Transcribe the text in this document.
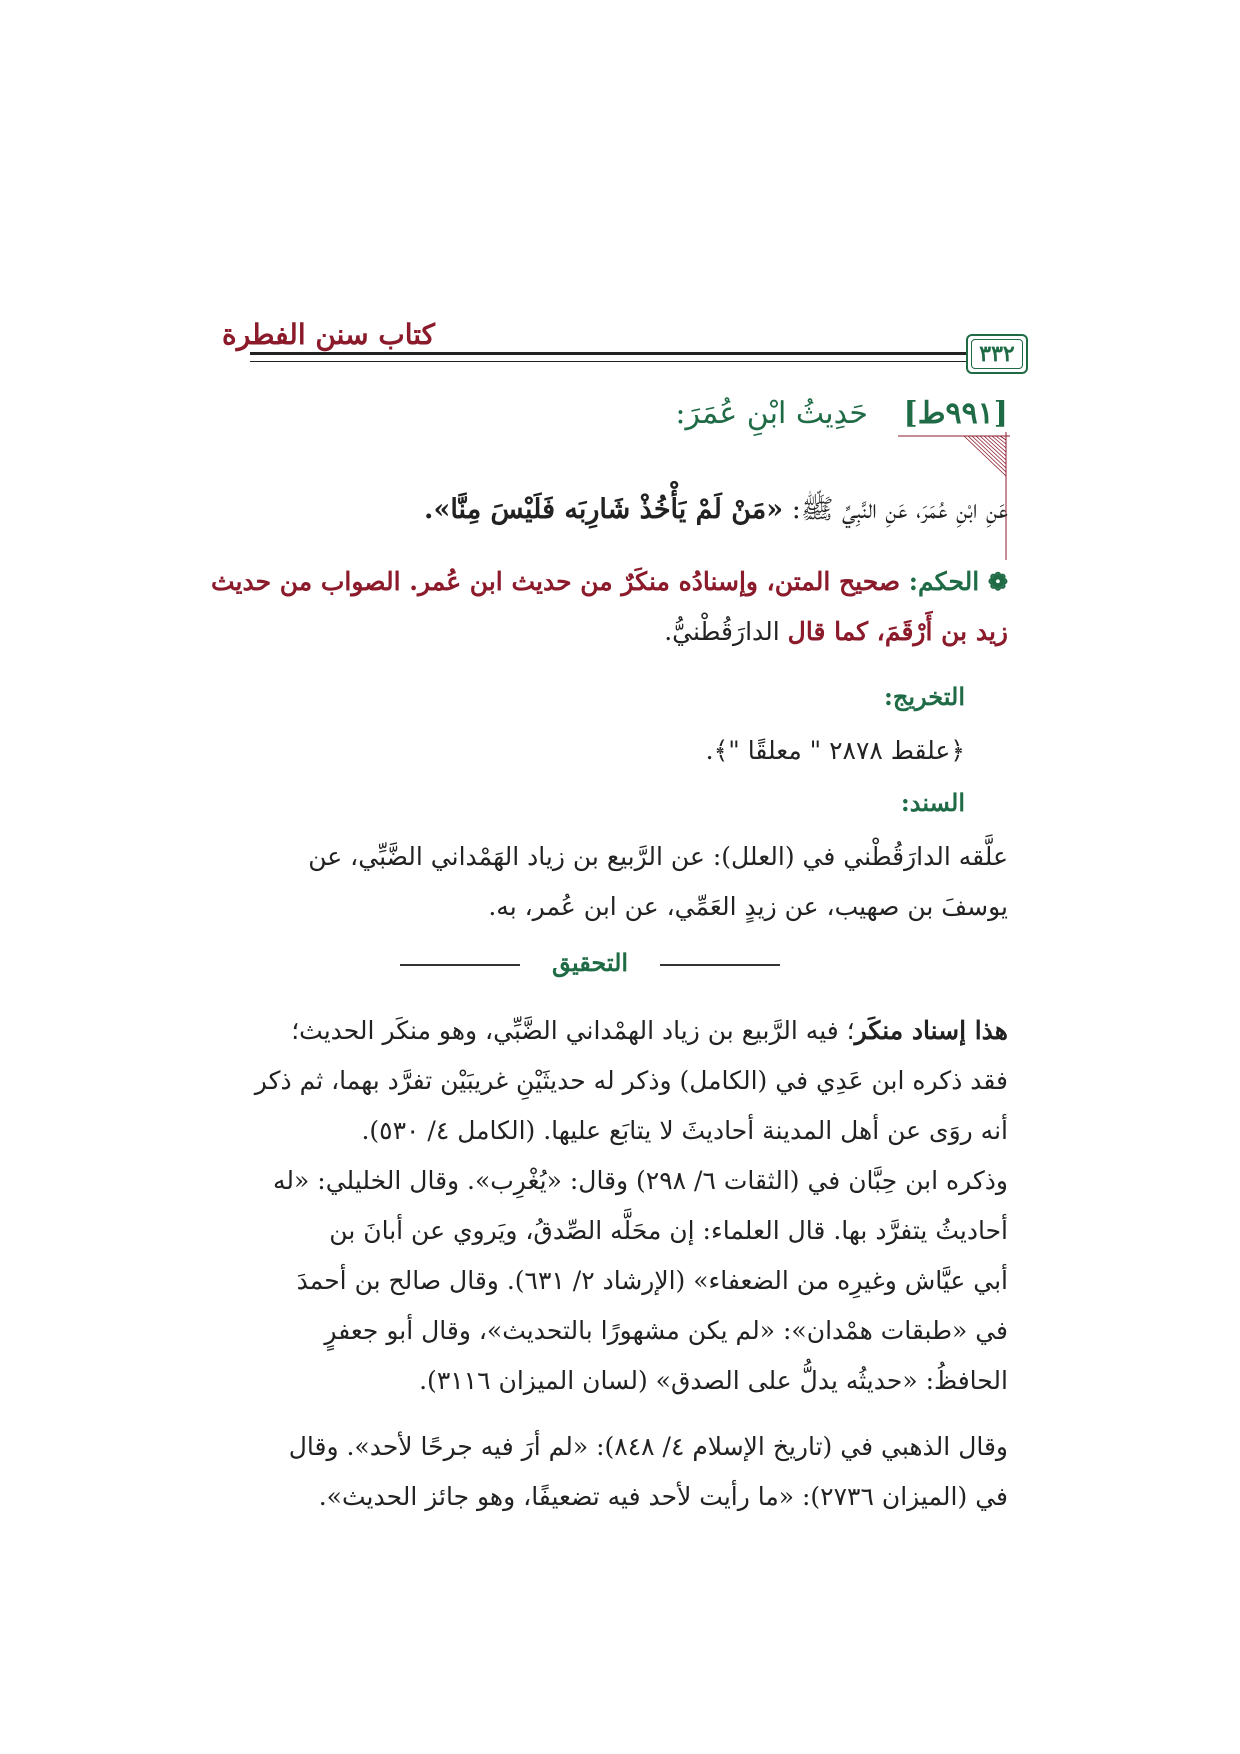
كتاب سنن الفطرة
٣٣٢
[٩٩١ط] حَدِيثُ ابْنِ عُمَرَ:
عَنِ ابْنِ عُمَرَ، عَنِ النَّبِيِّ ﷺ: «مَنْ لَمْ يَأْخُذْ شَارِبَه فَلَيْسَ مِنَّا».
❁ الحكم: صحيح المتن، وإسنادُه منكَرٌ من حديث ابن عُمر. الصواب من حديث
زيد بن أَرْقَمَ، كما قال الدارَقُطْنيُّ.
التخريج:
﴿علقط ٢٨٧٨ " معلقًا "﴾.
السند:
علَّقه الدارَقُطْني في (العلل): عن الرَّبيع بن زياد الهَمْداني الضَّبِّي، عن
يوسفَ بن صهيب، عن زيدٍ العَمِّي، عن ابن عُمر، به.
التحقيق
هذا إسناد منكَر؛ فيه الرَّبيع بن زياد الهمْداني الضَّبِّي، وهو منكَر الحديث؛
فقد ذكره ابن عَدِي في (الكامل) وذكر له حديثَيْنِ غريبَيْن تفرَّد بهما، ثم ذكر
أنه روَى عن أهل المدينة أحاديثَ لا يتابَع عليها. (الكامل ٤/ ٥٣٠).
وذكره ابن حِبَّان في (الثقات ٦/ ٢٩٨) وقال: «يُغْرِب». وقال الخليلي: «له
أحاديثُ يتفرَّد بها. قال العلماء: إن محَلَّه الصِّدقُ، ويَروي عن أبانَ بن
أبي عيَّاش وغيرِه من الضعفاء» (الإرشاد ٢/ ٦٣١). وقال صالح بن أحمدَ
في «طبقات همْدان»: «لم يكن مشهورًا بالتحديث»، وقال أبو جعفرٍ
الحافظُ: «حديثُه يدلُّ على الصدق» (لسان الميزان ٣١١٦).
وقال الذهبي في (تاريخ الإسلام ٤/ ٨٤٨): «لم أرَ فيه جرحًا لأحد». وقال
في (الميزان ٢٧٣٦): «ما رأيت لأحد فيه تضعيفًا، وهو جائز الحديث».
